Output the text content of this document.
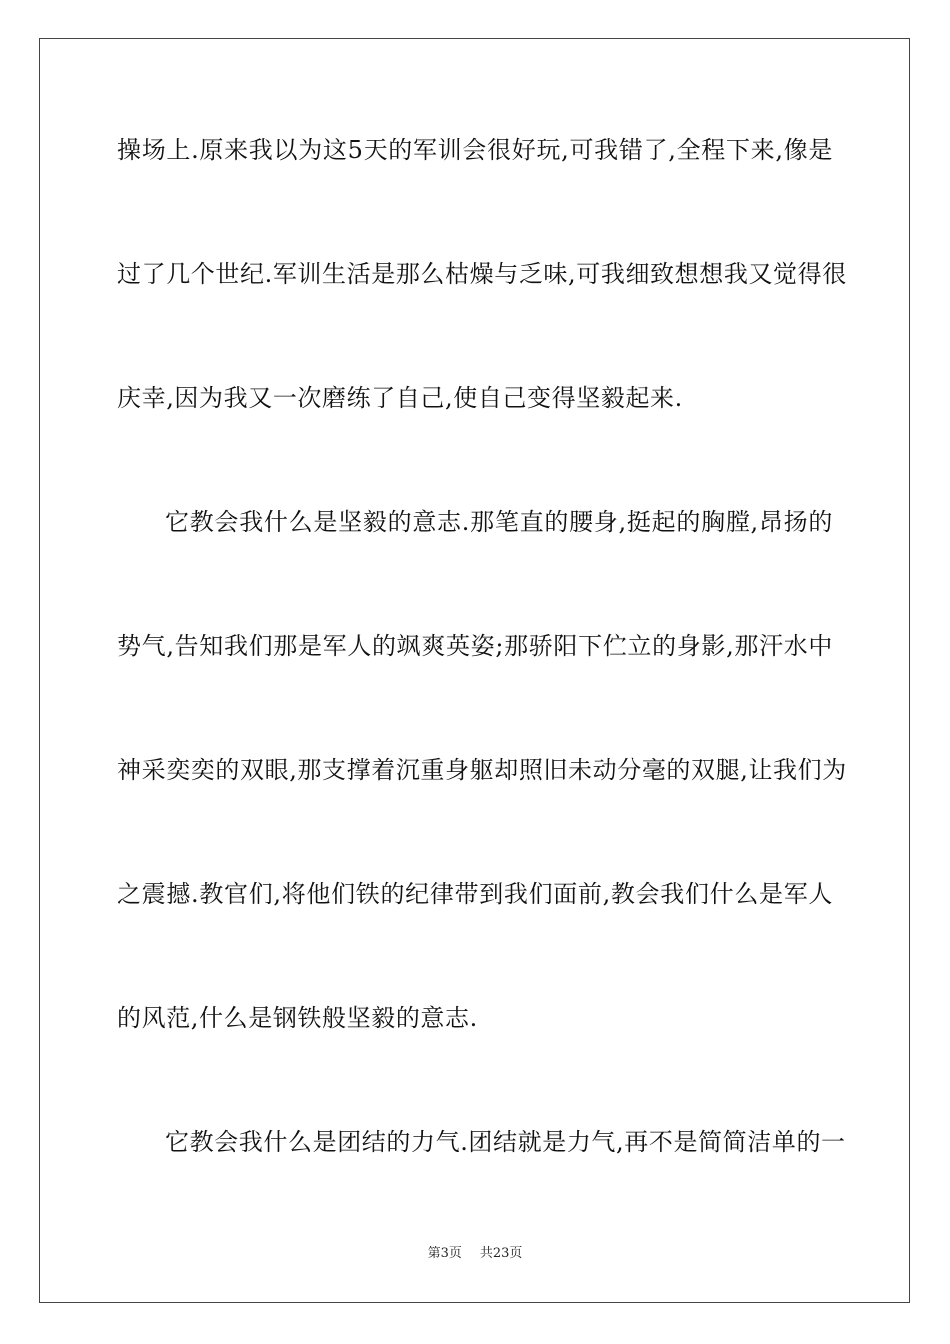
操场上.原来我以为这5天的军训会很好玩,可我错了,全程下来,像是

过了几个世纪.军训生活是那么枯燥与乏味,可我细致想想我又觉得很

庆幸,因为我又一次磨练了自己,使自己变得坚毅起来.

它教会我什么是坚毅的意志.那笔直的腰身,挺起的胸膛,昂扬的

势气,告知我们那是军人的飒爽英姿;那骄阳下伫立的身影,那汗水中

神采奕奕的双眼,那支撑着沉重身躯却照旧未动分毫的双腿,让我们为

之震撼.教官们,将他们铁的纪律带到我们面前,教会我们什么是军人

的风范,什么是钢铁般坚毅的意志.

它教会我什么是团结的力气.团结就是力气,再不是简简洁单的一

第3页 共23页
